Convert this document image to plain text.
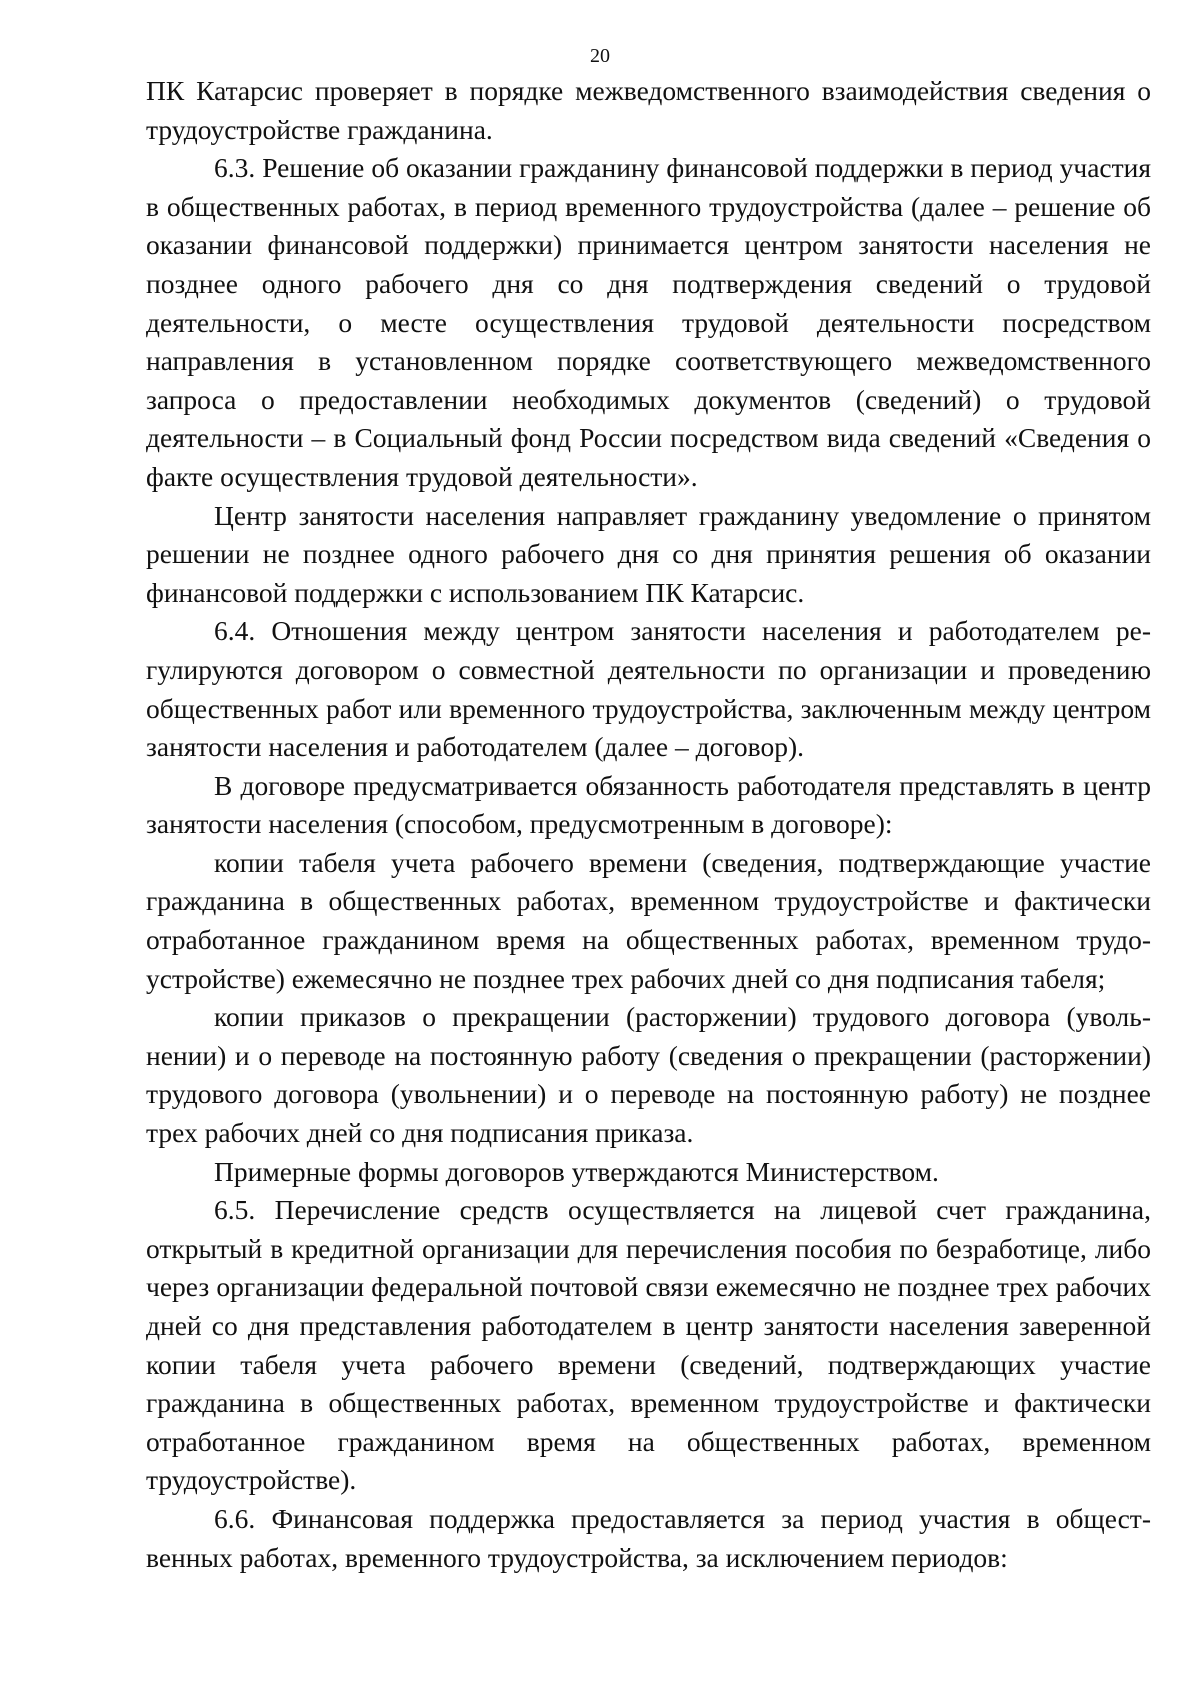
20

ПК Катарсис проверяет в порядке межведомственного взаимодействия сведения о трудоустройстве гражданина.

6.3. Решение об оказании гражданину финансовой поддержки в период участия в общественных работах, в период временного трудоустройства (далее – решение об оказании финансовой поддержки) принимается центром занятости населения не позднее одного рабочего дня со дня подтверждения сведений о трудовой деятельности, о месте осуществления трудовой деятельности посредством направления в установленном порядке соответствующего межведомственного запроса о предоставлении необходимых документов (сведений) о трудовой деятельности – в Социальный фонд России посредством вида сведений «Сведения о факте осуществления трудовой деятельности».

Центр занятости населения направляет гражданину уведомление о принятом решении не позднее одного рабочего дня со дня принятия решения об оказании финансовой поддержки с использованием ПК Катарсис.

6.4. Отношения между центром занятости населения и работодателем регулируются договором о совместной деятельности по организации и проведению общественных работ или временного трудоустройства, заключенным между центром занятости населения и работодателем (далее – договор).

В договоре предусматривается обязанность работодателя представлять в центр занятости населения (способом, предусмотренным в договоре):

копии табеля учета рабочего времени (сведения, подтверждающие участие гражданина в общественных работах, временном трудоустройстве и фактически отработанное гражданином время на общественных работах, временном трудоустройстве) ежемесячно не позднее трех рабочих дней со дня подписания табеля;

копии приказов о прекращении (расторжении) трудового договора (увольнении) и о переводе на постоянную работу (сведения о прекращении (расторжении) трудового договора (увольнении) и о переводе на постоянную работу) не позднее трех рабочих дней со дня подписания приказа.

Примерные формы договоров утверждаются Министерством.

6.5. Перечисление средств осуществляется на лицевой счет гражданина, открытый в кредитной организации для перечисления пособия по безработице, либо через организации федеральной почтовой связи ежемесячно не позднее трех рабочих дней со дня представления работодателем в центр занятости населения заверенной копии табеля учета рабочего времени (сведений, подтверждающих участие гражданина в общественных работах, временном трудоустройстве и фактически отработанное гражданином время на общественных работах, временном трудоустройстве).

6.6. Финансовая поддержка предоставляется за период участия в общественных работах, временного трудоустройства, за исключением периодов:
